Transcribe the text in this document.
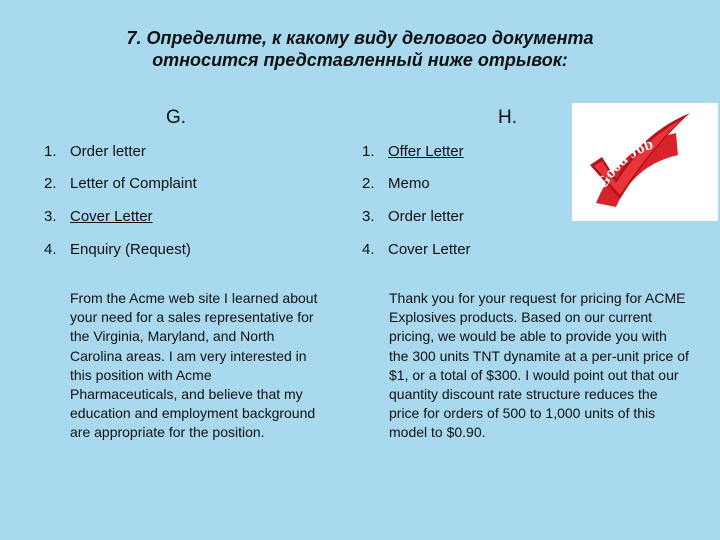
7. Определите, к какому виду делового документа
относится представленный ниже отрывок:
G.	H.
1. Order letter
2. Letter of Complaint
3. Cover Letter
4. Enquiry (Request)
1. Offer Letter
2. Memo
3. Order letter
4. Cover Letter
From the Acme web site I learned about your need for a sales representative for the Virginia, Maryland, and North Carolina areas. I am very interested in this position with Acme Pharmaceuticals, and believe that my education and employment background are appropriate for the position.
Thank you for your request for pricing for ACME Explosives products. Based on our current pricing, we would be able to provide you with the 300 units TNT dynamite at a per-unit price of $1, or a total of $300. I would point out that our quantity discount rate structure reduces the price for orders of 500 to 1,000 units of this model to $0.90.
Good Job
